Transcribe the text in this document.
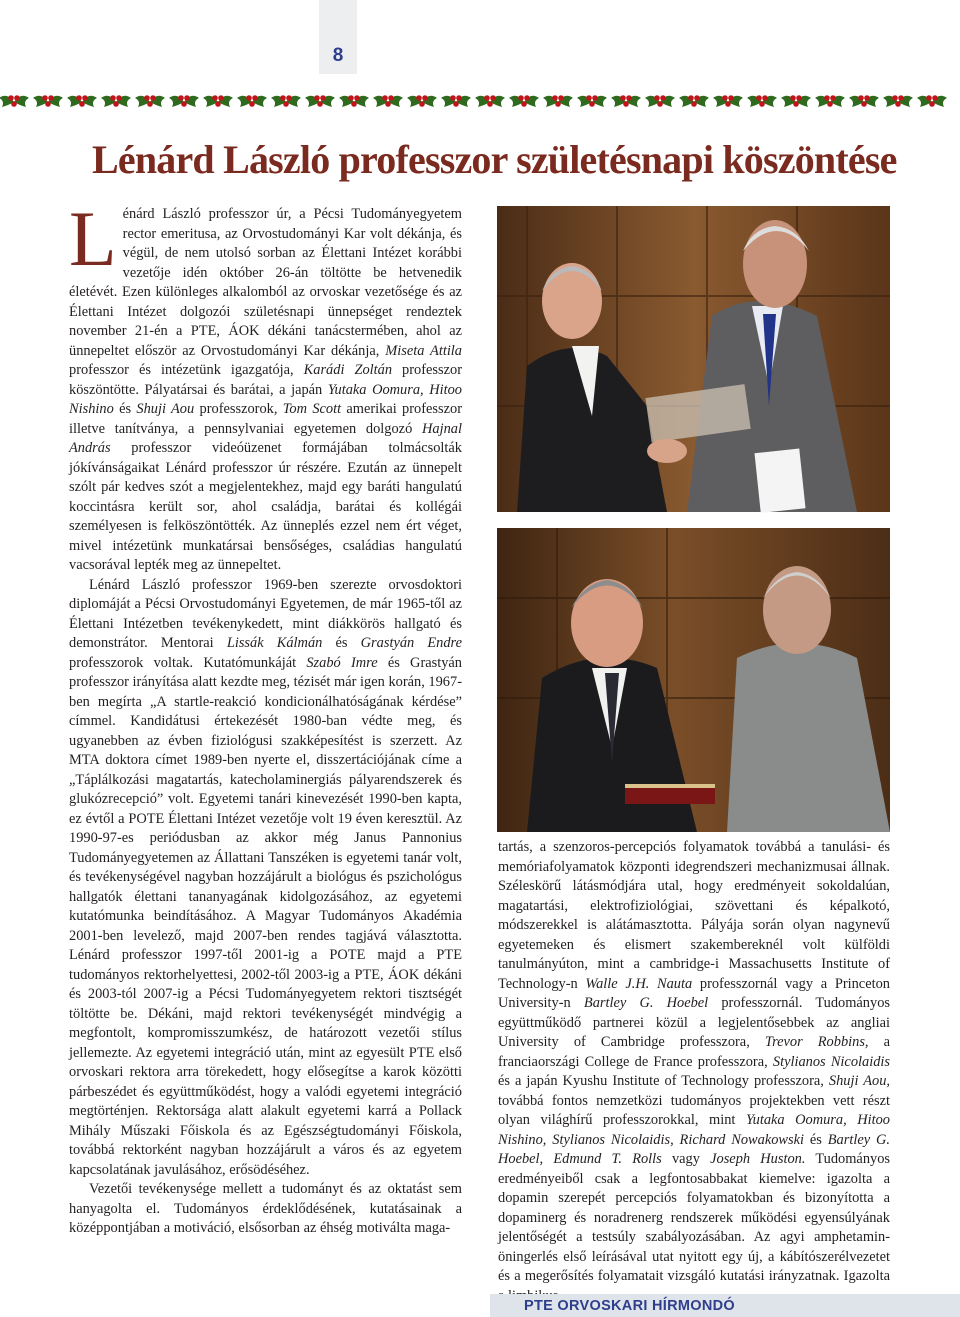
8
Lénárd László professzor születésnapi köszöntése

Lénárd László professzor úr, a Pécsi Tudományegyetem rector emeritusa, az Orvostudományi Kar volt dékánja, és végül, de nem utolsó sorban az Élettani Intézet korábbi vezetője idén október 26-án töltötte be hetvenedik életévét. Ezen különleges alkalomból az orvoskar vezetősége és az Élettani Intézet dolgozói születésnapi ünnepséget rendeztek november 21-én a PTE, ÁOK dékáni tanácstermében, ahol az ünnepeltet először az Orvostudományi Kar dékánja, Miseta Attila professzor és intézetünk igazgatója, Karádi Zoltán professzor köszöntötte. Pályatársai és barátai, a japán Yutaka Oomura, Hitoo Nishino és Shuji Aou professzorok, Tom Scott amerikai professzor illetve tanítványa, a pennsylvaniai egyetemen dolgozó Hajnal András professzor videóüzenet formájában tolmácsolták jókívánságaikat Lénárd professzor úr részére. Ezután az ünnepelt szólt pár kedves szót a megjelentekhez, majd egy baráti hangulatú koccintásra került sor, ahol családja, barátai és kollégái személyesen is felköszöntötték. Az ünneplés ezzel nem ért véget, mivel intézetünk munkatársai bensőséges, családias hangulatú vacsorával lepték meg az ünnepeltet.

Lénárd László professzor 1969-ben szerezte orvosdoktori diplomáját a Pécsi Orvostudományi Egyetemen, de már 1965-től az Élettani Intézetben tevékenykedett, mint diákkörös hallgató és demonstrátor. Mentorai Lissák Kálmán és Grastyán Endre professzorok voltak. Kutatómunkáját Szabó Imre és Grastyán professzor irányítása alatt kezdte meg, tézisét már igen korán, 1967-ben megírta „A startle-reakció kondicionálhatóságának kérdése” címmel. Kandidátusi értekezését 1980-ban védte meg, és ugyanebben az évben fiziológusi szakképesítést is szerzett. Az MTA doktora címet 1989-ben nyerte el, disszertációjának címe a „Táplálkozási magatartás, katecholaminergiás pályarendszerek és glukózrecepció” volt. Egyetemi tanári kinevezését 1990-ben kapta, ez évtől a POTE Élettani Intézet vezetője volt 19 éven keresztül. Az 1990-97-es periódusban az akkor még Janus Pannonius Tudományegyetemen az Állattani Tanszéken is egyetemi tanár volt, és tevékenységével nagyban hozzájárult a biológus és pszichológus hallgatók élettani tananyagának kidolgozásához, az egyetemi kutatómunka beindításához. A Magyar Tudományos Akadémia 2001-ben levelező, majd 2007-ben rendes tagjává választotta. Lénárd professzor 1997-től 2001-ig a POTE majd a PTE tudományos rektorhelyettesi, 2002-től 2003-ig a PTE, ÁOK dékáni és 2003-tól 2007-ig a Pécsi Tudományegyetem rektori tisztségét töltötte be. Dékáni, majd rektori tevékenységét mindvégig a megfontolt, kompromisszumkész, de határozott vezetői stílus jellemezte. Az egyetemi integráció után, mint az egyesült PTE első orvoskari rektora arra törekedett, hogy elősegítse a karok közötti párbeszédet és együttműködést, hogy a valódi egyetemi integráció megtörténjen. Rektorsága alatt alakult egyetemi karrá a Pollack Mihály Műszaki Főiskola és az Egészségtudományi Főiskola, továbbá rektorként nagyban hozzájárult a város és az egyetem kapcsolatának javulásához, erősödéséhez.

Vezetői tevékenysége mellett a tudományt és az oktatást sem hanyagolta el. Tudományos érdeklődésének, kutatásainak a középpontjában a motiváció, elsősorban az éhség motiválta maga-

tartás, a szenzoros-percepciós folyamatok továbbá a tanulási- és memóriafolyamatok központi idegrendszeri mechanizmusai állnak. Széleskörű látásmódjára utal, hogy eredményeit sokoldalúan, magatartási, elektrofiziológiai, szövettani és képalkotó, módszerekkel is alátámasztotta. Pályája során olyan nagynevű egyetemeken és elismert szakembereknél volt külföldi tanulmányúton, mint a cambridge-i Massachusetts Institute of Technology-n Walle J.H. Nauta professzornál vagy a Princeton University-n Bartley G. Hoebel professzornál. Tudományos együttműködő partnerei közül a legjelentősebbek az angliai University of Cambridge professzora, Trevor Robbins, a franciaországi College de France professzora, Stylianos Nicolaidis és a japán Kyushu Institute of Technology professzora, Shuji Aou, továbbá fontos nemzetközi tudományos projektekben vett részt olyan világhírű professzorokkal, mint Yutaka Oomura, Hitoo Nishino, Stylianos Nicolaidis, Richard Nowakowski és Bartley G. Hoebel, Edmund T. Rolls vagy Joseph Huston. Tudományos eredményeiből csak a legfontosabbakat kiemelve: igazolta a dopamin szerepét percepciós folyamatokban és bizonyította a dopaminerg és noradrenerg rendszerek működési egyensúlyának jelentőségét a testsúly szabályozásában. Az agyi amphetamin-öningerlés első leírásával utat nyitott egy új, a kábítószerélvezetet és a megerősítés folyamatait vizsgáló kutatási irányzatnak. Igazolta

PTE ORVOSKARI HÍRMONDÓ
